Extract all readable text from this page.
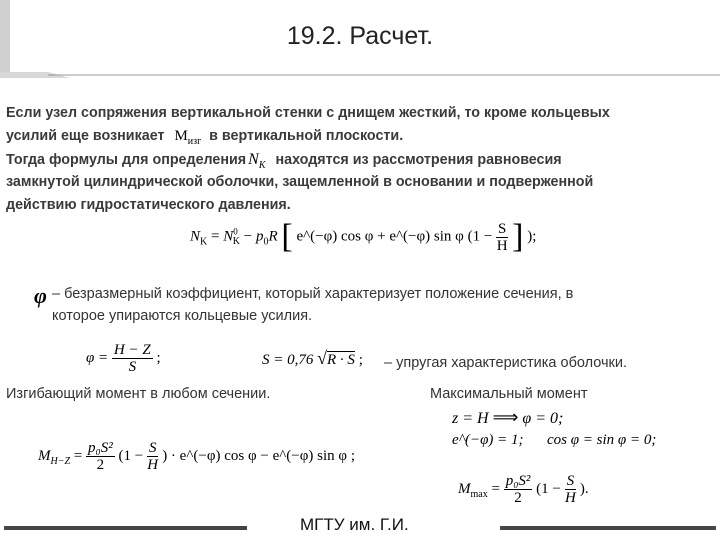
19.2. Расчет.
Если узел сопряжения вертикальной стенки с днищем жесткий, то кроме кольцевых
усилий еще возникает $M_{изг}$ в вертикальной плоскости.
Тогда формулы для определения $N_K$ находятся из рассмотрения равновесия
замкнутой цилиндрической оболочки, защемленной в основании и подверженной
действию гидростатического давления.
$N_K = N^0_K - p_0R$ [ e^(−φ) cos φ + e^(−φ) sin φ ($1 - \frac{S}{H}$ ] );
φ – безразмерный коэффициент, который характеризует положение сечения, в
которое упираются кольцевые усилия.
$\varphi = \frac{H - Z}{S}$ ;	S = 0,76 √R · S ; – упругая характеристика оболочки.
Изгибающий момент в любом сечении.	Максимальный момент
$M_{H-Z} = \frac{\text{p₀S²}}{2} (1 - \frac{S}{H}$ ) · e^(−φ) cos φ − e^(−φ) sin φ ;
z = H ⟹ φ = 0;
e^(−φ) = 1; cos φ = sin φ = 0;
$M_{max} = \frac{\text{p₀S²}}{2} (1 - \frac{S}{H}$ ).
МГТУ им. Г.И.
